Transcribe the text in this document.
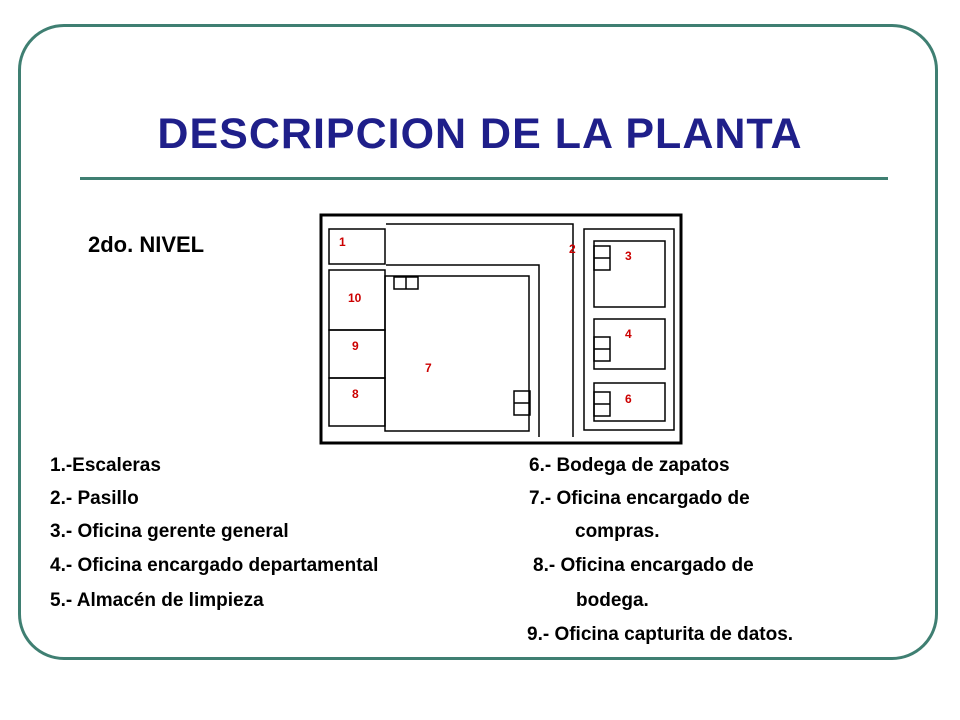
DESCRIPCION DE LA PLANTA
2do. NIVEL	1	2	3
4
6
10
9
7
8
1.-Escaleras
2.- Pasillo
3.- Oficina gerente general
4.- Oficina encargado departamental
5.- Almacén de limpieza
6.- Bodega de zapatos
7.- Oficina encargado de
compras.
8.- Oficina encargado de
bodega.
9.- Oficina capturita de datos.
